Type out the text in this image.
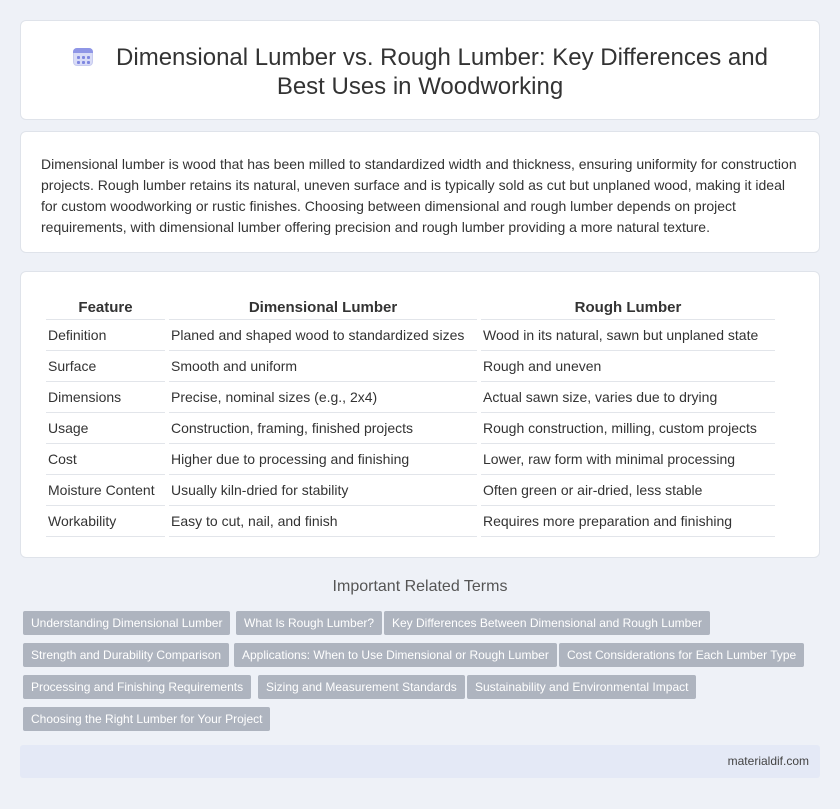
Dimensional Lumber vs. Rough Lumber: Key Differences and Best Uses in Woodworking

Dimensional lumber is wood that has been milled to standardized width and thickness, ensuring uniformity for construction projects. Rough lumber retains its natural, uneven surface and is typically sold as cut but unplaned wood, making it ideal for custom woodworking or rustic finishes. Choosing between dimensional and rough lumber depends on project requirements, with dimensional lumber offering precision and rough lumber providing a more natural texture.

Feature	Dimensional Lumber	Rough Lumber
Definition	Planed and shaped wood to standardized sizes	Wood in its natural, sawn but unplaned state
Surface	Smooth and uniform	Rough and uneven
Dimensions	Precise, nominal sizes (e.g., 2x4)	Actual sawn size, varies due to drying
Usage	Construction, framing, finished projects	Rough construction, milling, custom projects
Cost	Higher due to processing and finishing	Lower, raw form with minimal processing
Moisture Content	Usually kiln-dried for stability	Often green or air-dried, less stable
Workability	Easy to cut, nail, and finish	Requires more preparation and finishing
Important Related Terms
Understanding Dimensional Lumber	What Is Rough Lumber?	Key Differences Between Dimensional and Rough Lumber
Strength and Durability Comparison	Applications: When to Use Dimensional or Rough Lumber	Cost Considerations for Each Lumber Type
Processing and Finishing Requirements	Sizing and Measurement Standards	Sustainability and Environmental Impact
Choosing the Right Lumber for Your Project
materialdif.com
